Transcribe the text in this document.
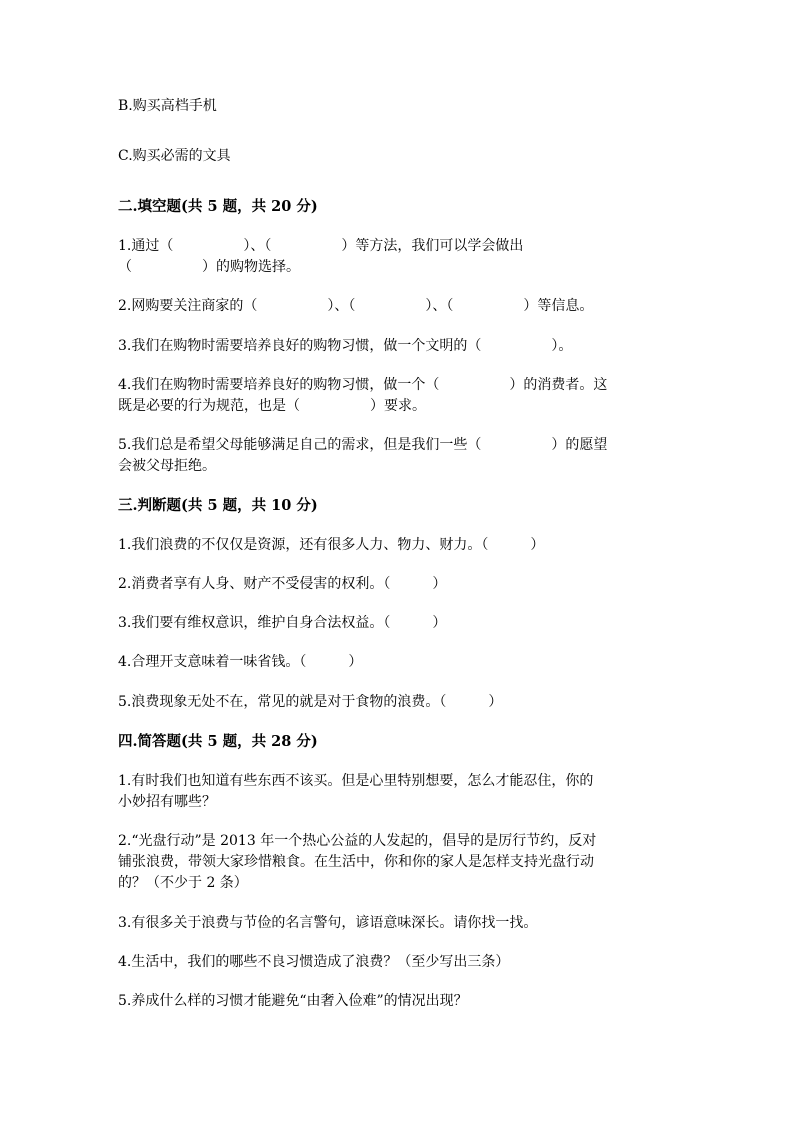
B.购买高档手机
C.购买必需的文具
二.填空题(共 5 题，共 20 分)
1.通过（　　　　　）、（　　　　　）等方法，我们可以学会做出
（　　　　　）的购物选择。
2.网购要关注商家的（　　　　　）、（　　　　　）、（　　　　　）等信息。
3.我们在购物时需要培养良好的购物习惯，做一个文明的（　　　　　）。
4.我们在购物时需要培养良好的购物习惯，做一个（　　　　　）的消费者。这
既是必要的行为规范，也是（　　　　　）要求。
5.我们总是希望父母能够满足自己的需求，但是我们一些（　　　　　）的愿望
会被父母拒绝。
三.判断题(共 5 题，共 10 分)
1.我们浪费的不仅仅是资源，还有很多人力、物力、财力。（　　　）
2.消费者享有人身、财产不受侵害的权利。（　　　）
3.我们要有维权意识，维护自身合法权益。（　　　）
4.合理开支意味着一味省钱。（　　　）
5.浪费现象无处不在，常见的就是对于食物的浪费。（　　　）
四.简答题(共 5 题，共 28 分)
1.有时我们也知道有些东西不该买。但是心里特别想要，怎么才能忍住，你的
小妙招有哪些？
2.“光盘行动”是 2013 年一个热心公益的人发起的，倡导的是厉行节约，反对
铺张浪费，带领大家珍惜粮食。在生活中，你和你的家人是怎样支持光盘行动
的？（不少于 2 条）
3.有很多关于浪费与节俭的名言警句，谚语意味深长。请你找一找。
4.生活中，我们的哪些不良习惯造成了浪费？（至少写出三条）
5.养成什么样的习惯才能避免“由奢入俭难”的情况出现？
